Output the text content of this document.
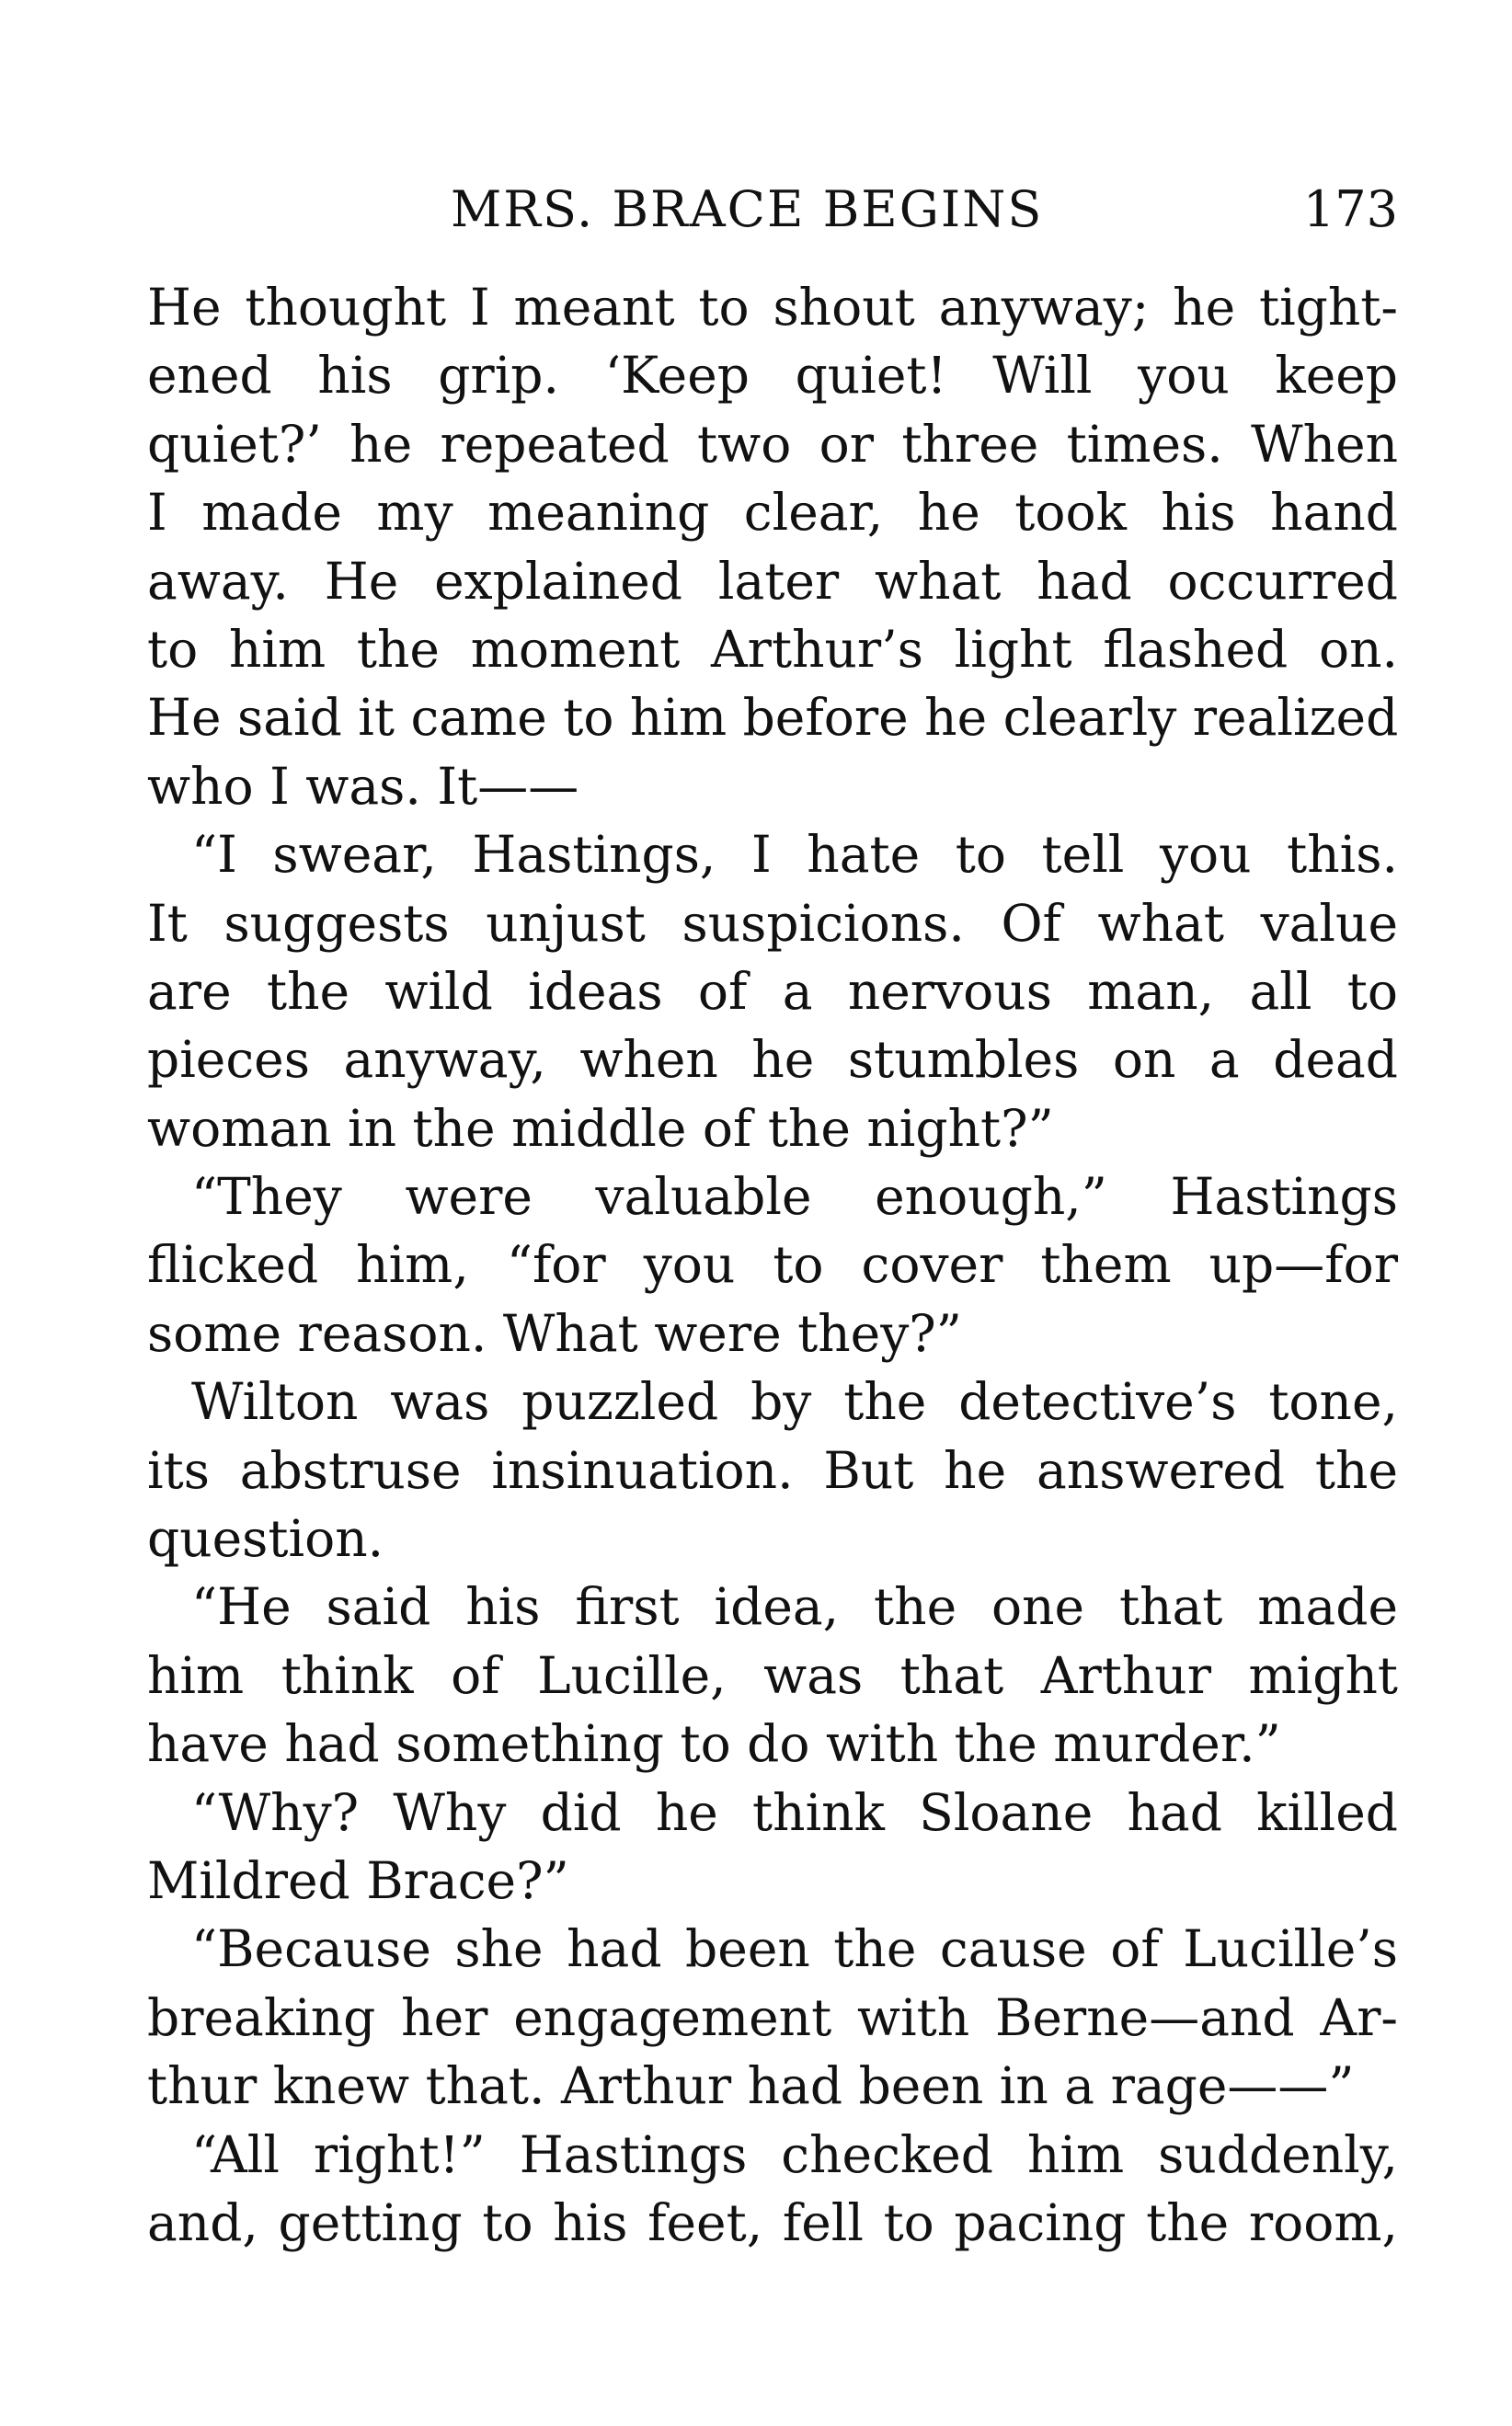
MRS. BRACE BEGINS	173
He thought I meant to shout anyway; he tight-
ened his grip. ‘Keep quiet! Will you keep
quiet?’ he repeated two or three times. When
I made my meaning clear, he took his hand
away. He explained later what had occurred
to him the moment Arthur’s light flashed on.
He said it came to him before he clearly realized
who I was. It——
“I swear, Hastings, I hate to tell you this.
It suggests unjust suspicions. Of what value
are the wild ideas of a nervous man, all to
pieces anyway, when he stumbles on a dead
woman in the middle of the night?”
“They were valuable enough,” Hastings
flicked him, “for you to cover them up—for
some reason. What were they?”
Wilton was puzzled by the detective’s tone,
its abstruse insinuation. But he answered the
question.
“He said his first idea, the one that made
him think of Lucille, was that Arthur might
have had something to do with the murder.”
“Why? Why did he think Sloane had killed
Mildred Brace?”
“Because she had been the cause of Lucille’s
breaking her engagement with Berne—and Ar-
thur knew that. Arthur had been in a rage——”
“All right!” Hastings checked him suddenly,
and, getting to his feet, fell to pacing the room,
